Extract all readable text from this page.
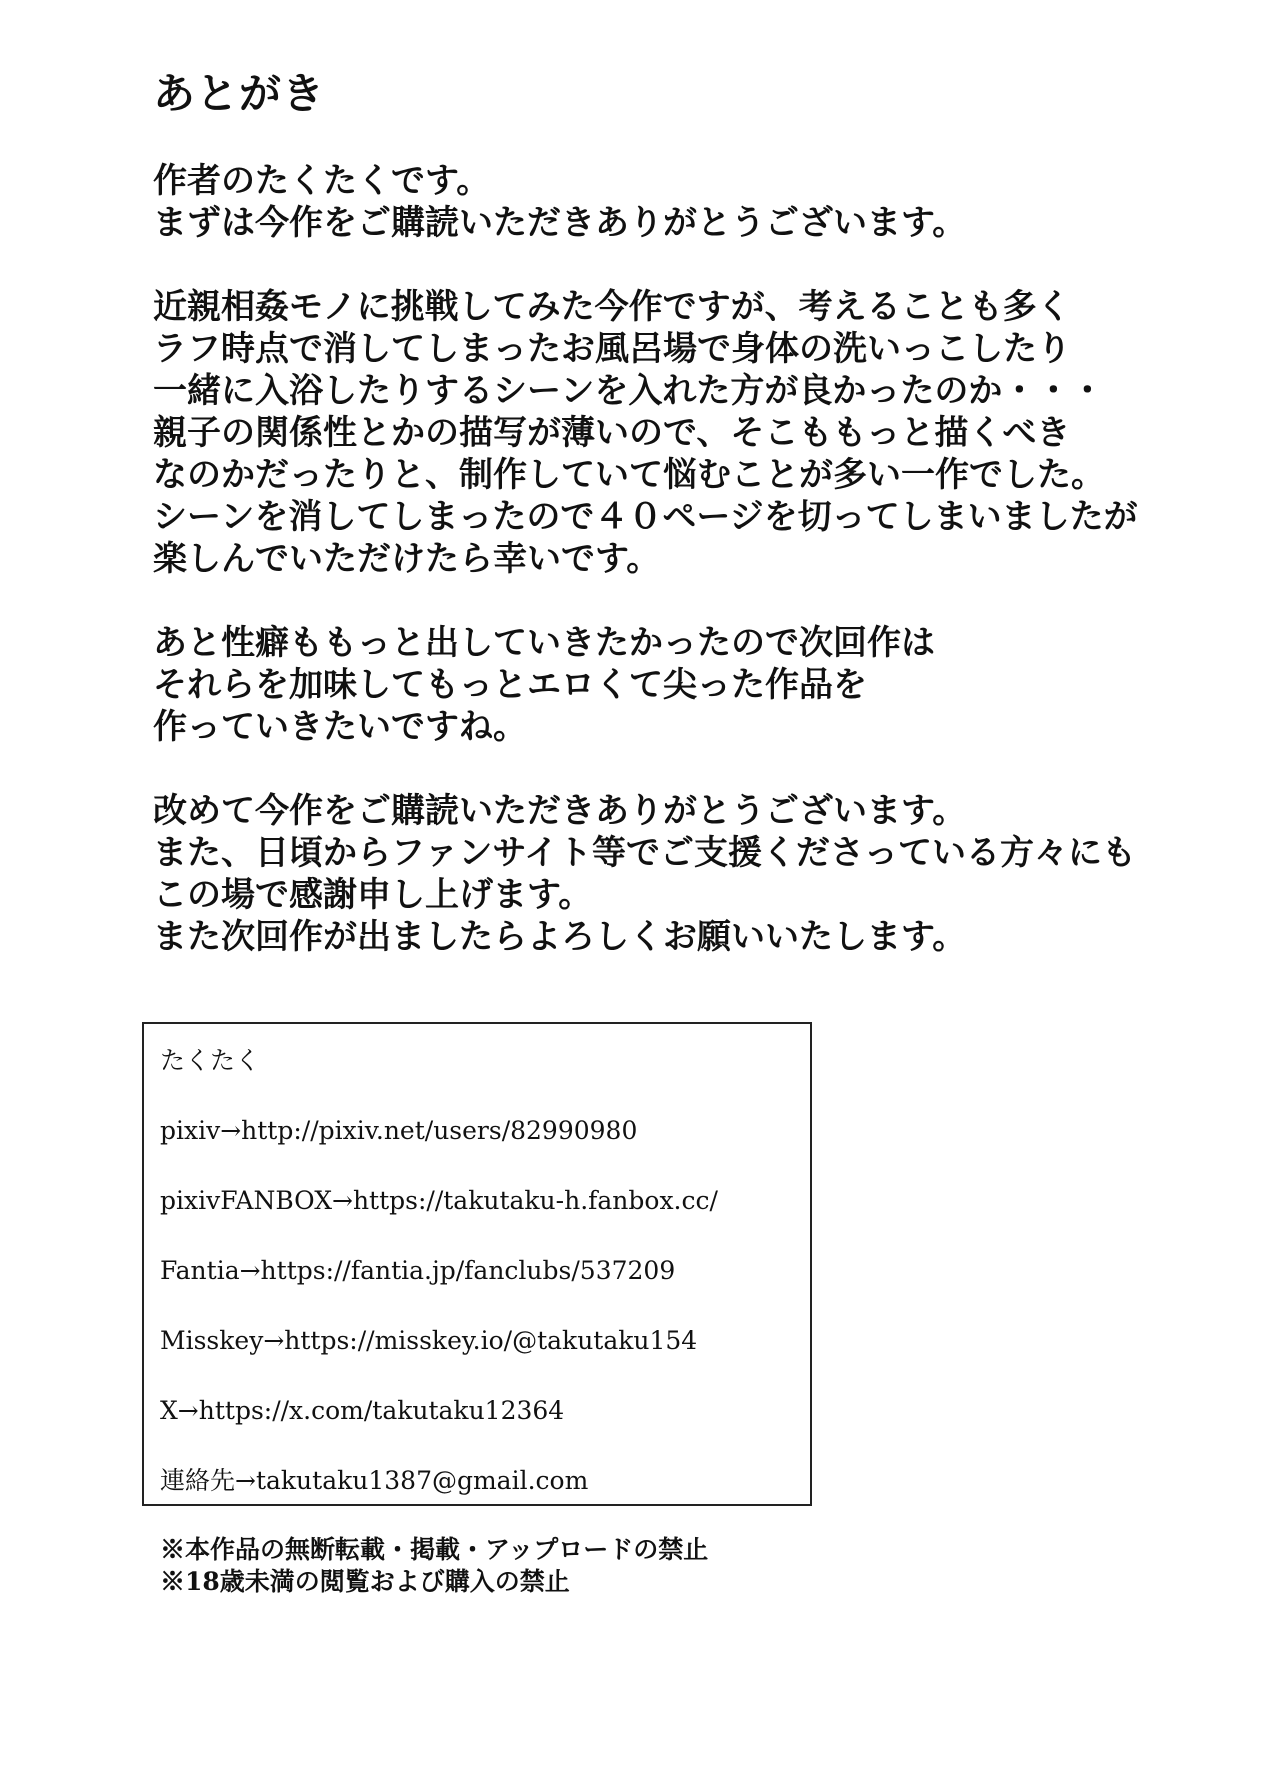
あとがき

作者のたくたくです。
まずは今作をご購読いただきありがとうございます。

近親相姦モノに挑戦してみた今作ですが、考えることも多く
ラフ時点で消してしまったお風呂場で身体の洗いっこしたり
一緒に入浴したりするシーンを入れた方が良かったのか・・・
親子の関係性とかの描写が薄いので、そこももっと描くべき
なのかだったりと、制作していて悩むことが多い一作でした。
シーンを消してしまったので４０ページを切ってしまいましたが
楽しんでいただけたら幸いです。

あと性癖ももっと出していきたかったので次回作は
それらを加味してもっとエロくて尖った作品を
作っていきたいですね。

改めて今作をご購読いただきありがとうございます。
また、日頃からファンサイト等でご支援くださっている方々にも
この場で感謝申し上げます。
また次回作が出ましたらよろしくお願いいたします。

たくたく
pixiv→http://pixiv.net/users/82990980
pixivFANBOX→https://takutaku-h.fanbox.cc/
Fantia→https://fantia.jp/fanclubs/537209
Misskey→https://misskey.io/@takutaku154
X→https://x.com/takutaku12364
連絡先→takutaku1387@gmail.com
※本作品の無断転載・掲載・アップロードの禁止
※18歳未満の閲覧および購入の禁止
